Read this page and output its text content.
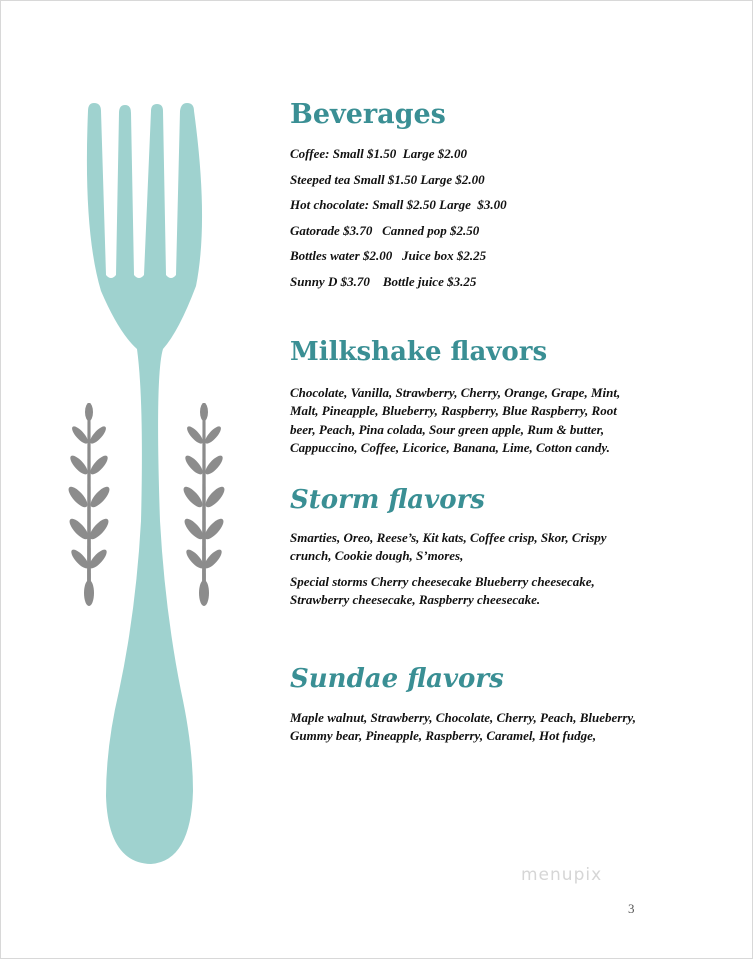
Beverages
Coffee: Small $1.50  Large $2.00
Steeped tea Small $1.50 Large $2.00
Hot chocolate: Small $2.50 Large  $3.00
Gatorade $3.70   Canned pop $2.50
Bottles water $2.00   Juice box $2.25
Sunny D $3.70    Bottle juice $3.25
Milkshake flavors

Chocolate, Vanilla, Strawberry, Cherry, Orange, Grape, Mint, Malt, Pineapple, Blueberry, Raspberry, Blue Raspberry, Root beer, Peach, Pina colada, Sour green apple, Rum & butter, Cappuccino, Coffee, Licorice, Banana, Lime, Cotton candy.

Storm flavors

Smarties, Oreo, Reese’s, Kit kats, Coffee crisp, Skor, Crispy crunch, Cookie dough, S’mores,

Special storms Cherry cheesecake Blueberry cheesecake, Strawberry cheesecake, Raspberry cheesecake.

Sundae flavors

Maple walnut, Strawberry, Chocolate, Cherry, Peach, Blueberry, Gummy bear, Pineapple, Raspberry, Caramel, Hot fudge,

menupix
3
